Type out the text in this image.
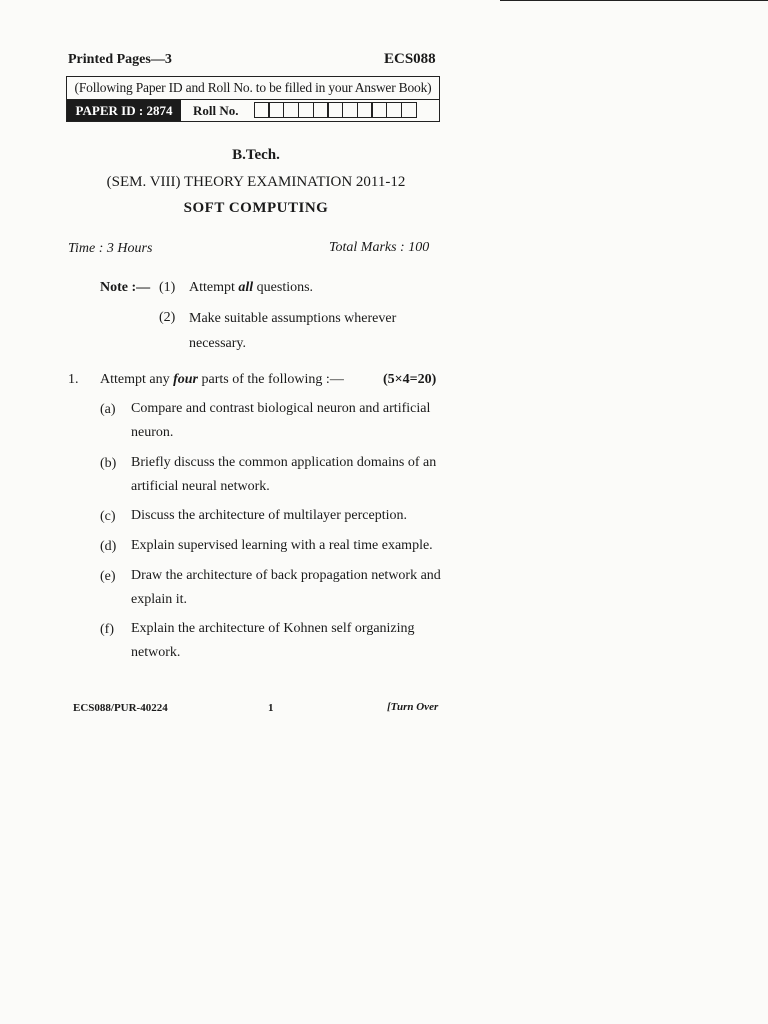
Printed Pages—3	ECS088
(Following Paper ID and Roll No. to be filled in your Answer Book)
PAPER ID : 2874	Roll No.
B.Tech.
(SEM. VIII) THEORY EXAMINATION 2011-12
SOFT COMPUTING
Time : 3 Hours	Total Marks : 100
Note :— (1) Attempt all questions.
(2) Make suitable assumptions wherever necessary.
1. Attempt any four parts of the following :—	(5×4=20)
(a) Compare and contrast biological neuron and artificial neuron.
(b) Briefly discuss the common application domains of an artificial neural network.
(c) Discuss the architecture of multilayer perception.
(d) Explain supervised learning with a real time example.
(e) Draw the architecture of back propagation network and explain it.
(f) Explain the architecture of Kohnen self organizing network.
ECS088/PUR-40224	1	[Turn Over
